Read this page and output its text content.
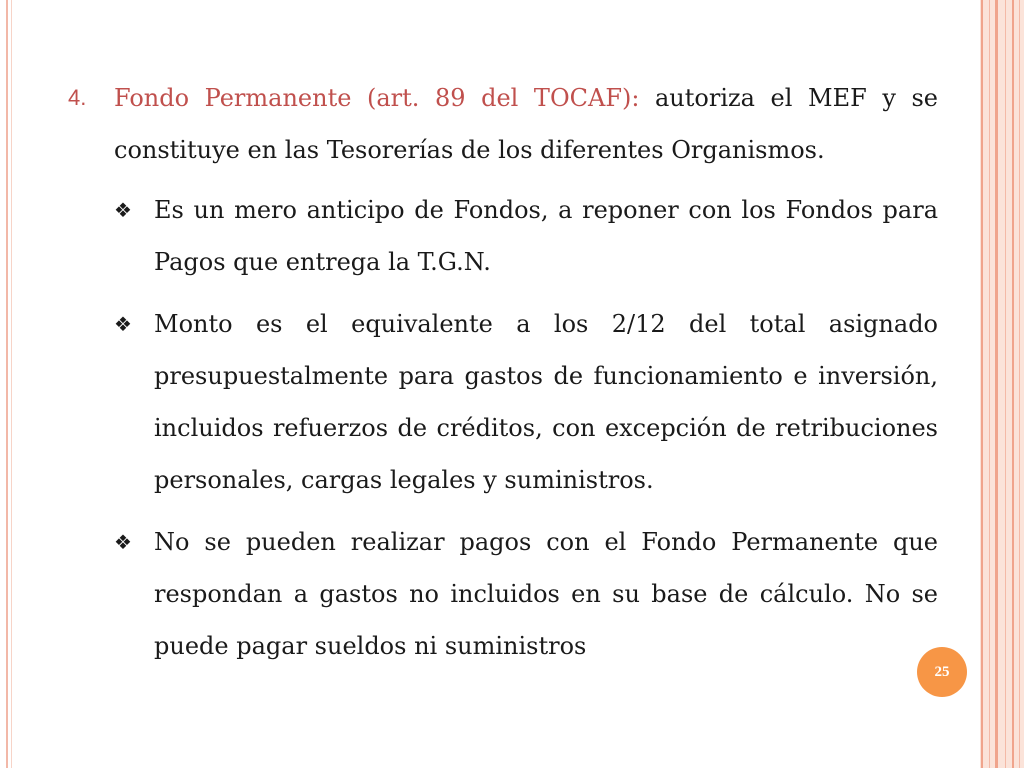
4.	Fondo Permanente (art. 89 del TOCAF): autoriza el MEF y se constituye en las Tesorerías de los diferentes Organismos.
❖ Es un mero anticipo de Fondos, a reponer con los Fondos para Pagos que entrega la T.G.N.
❖ Monto es el equivalente a los 2/12 del total asignado presupuestalmente para gastos de funcionamiento e inversión, incluidos refuerzos de créditos, con excepción de retribuciones personales, cargas legales y suministros.
❖ No se pueden realizar pagos con el Fondo Permanente que respondan a gastos no incluidos en su base de cálculo. No se puede pagar sueldos ni suministros
25
